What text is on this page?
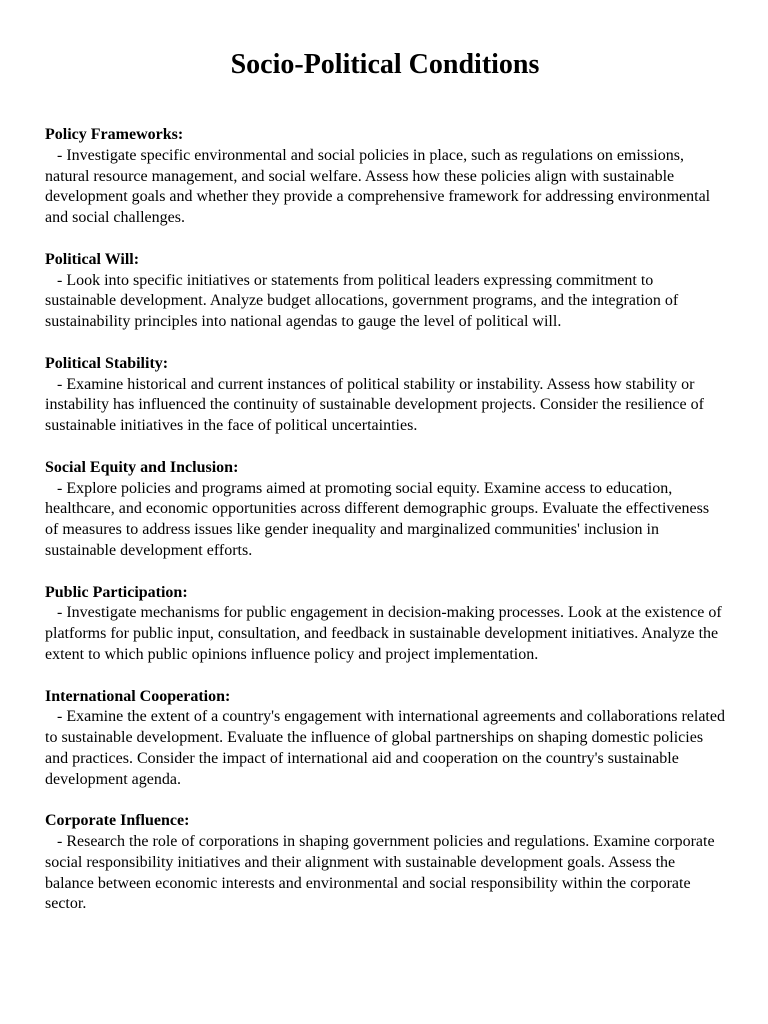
Socio-Political Conditions
Policy Frameworks:
- Investigate specific environmental and social policies in place, such as regulations on emissions, natural resource management, and social welfare. Assess how these policies align with sustainable development goals and whether they provide a comprehensive framework for addressing environmental and social challenges.
Political Will:
- Look into specific initiatives or statements from political leaders expressing commitment to sustainable development. Analyze budget allocations, government programs, and the integration of sustainability principles into national agendas to gauge the level of political will.
Political Stability:
- Examine historical and current instances of political stability or instability. Assess how stability or instability has influenced the continuity of sustainable development projects. Consider the resilience of sustainable initiatives in the face of political uncertainties.
Social Equity and Inclusion:
- Explore policies and programs aimed at promoting social equity. Examine access to education, healthcare, and economic opportunities across different demographic groups. Evaluate the effectiveness of measures to address issues like gender inequality and marginalized communities' inclusion in sustainable development efforts.
Public Participation:
- Investigate mechanisms for public engagement in decision-making processes. Look at the existence of platforms for public input, consultation, and feedback in sustainable development initiatives. Analyze the extent to which public opinions influence policy and project implementation.
International Cooperation:
- Examine the extent of a country's engagement with international agreements and collaborations related to sustainable development. Evaluate the influence of global partnerships on shaping domestic policies and practices. Consider the impact of international aid and cooperation on the country's sustainable development agenda.
Corporate Influence:
- Research the role of corporations in shaping government policies and regulations. Examine corporate social responsibility initiatives and their alignment with sustainable development goals. Assess the balance between economic interests and environmental and social responsibility within the corporate sector.
